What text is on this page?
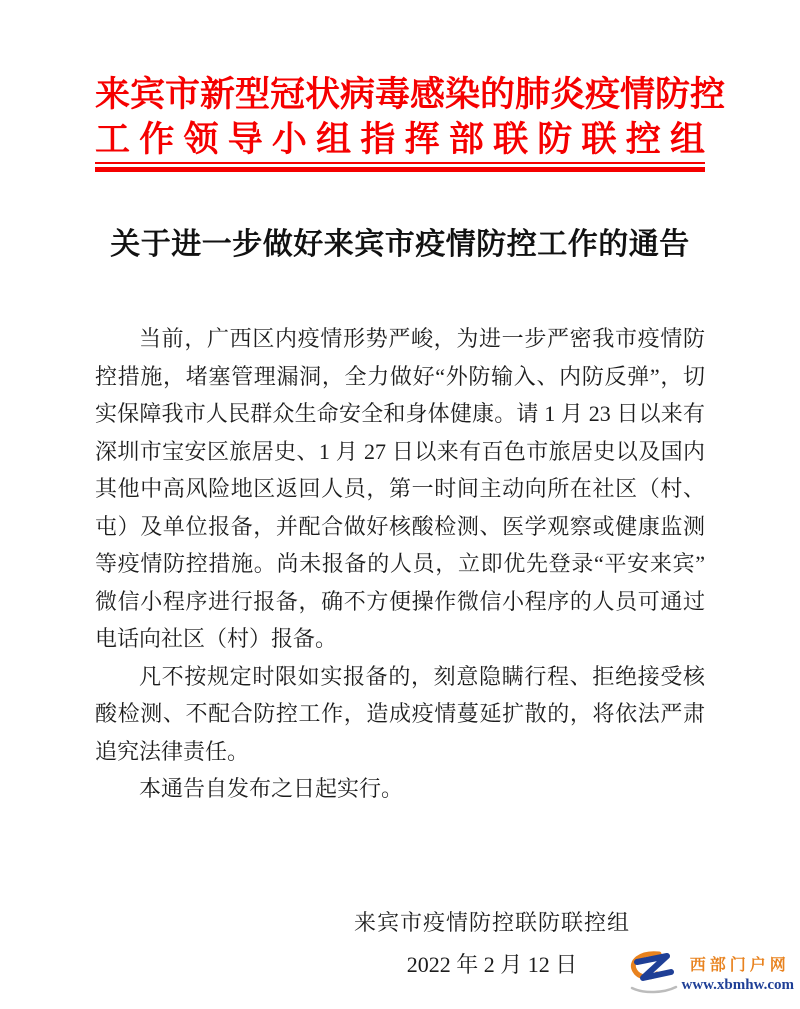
来宾市新型冠状病毒感染的肺炎疫情防控
工作领导小组指挥部联防联控组
关于进一步做好来宾市疫情防控工作的通告

当前，广西区内疫情形势严峻，为进一步严密我市疫情防控措施，堵塞管理漏洞，全力做好“外防输入、内防反弹”，切实保障我市人民群众生命安全和身体健康。请 1 月 23 日以来有深圳市宝安区旅居史、1 月 27 日以来有百色市旅居史以及国内其他中高风险地区返回人员，第一时间主动向所在社区（村、屯）及单位报备，并配合做好核酸检测、医学观察或健康监测等疫情防控措施。尚未报备的人员，立即优先登录“平安来宾”微信小程序进行报备，确不方便操作微信小程序的人员可通过电话向社区（村）报备。

凡不按规定时限如实报备的，刻意隐瞒行程、拒绝接受核酸检测、不配合防控工作，造成疫情蔓延扩散的，将依法严肃追究法律责任。

本通告自发布之日起实行。

来宾市疫情防控联防联控组
2022 年 2 月 12 日	西部门户网
www.xbmhw.com
